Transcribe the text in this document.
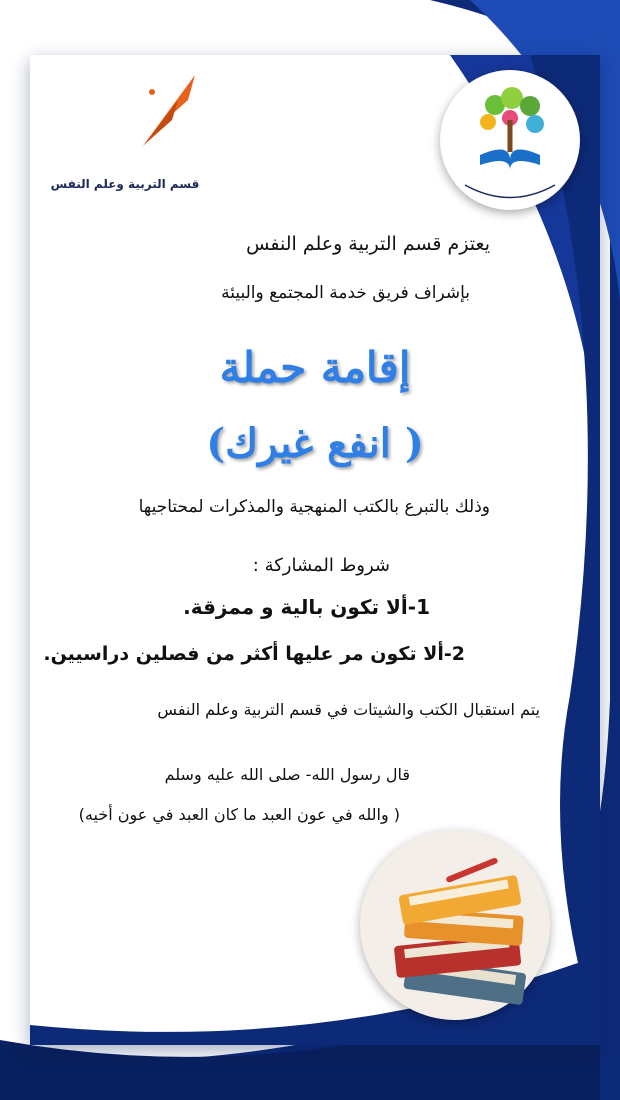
قسم التربية وعلم النفس
يعتزم قسم التربية وعلم النفس
بإشراف فريق خدمة المجتمع والبيئة
إقامة حملة
( انفع غيرك)
وذلك بالتبرع بالكتب المنهجية والمذكرات لمحتاجيها
شروط المشاركة :
1-ألا تكون بالية و ممزقة.
2-ألا تكون مر عليها أكثر من فصلين دراسيين.
يتم استقبال الكتب والشيتات في قسم التربية وعلم النفس
قال رسول الله- صلى الله عليه وسلم
( والله في عون العبد ما كان العبد في عون أخيه)
